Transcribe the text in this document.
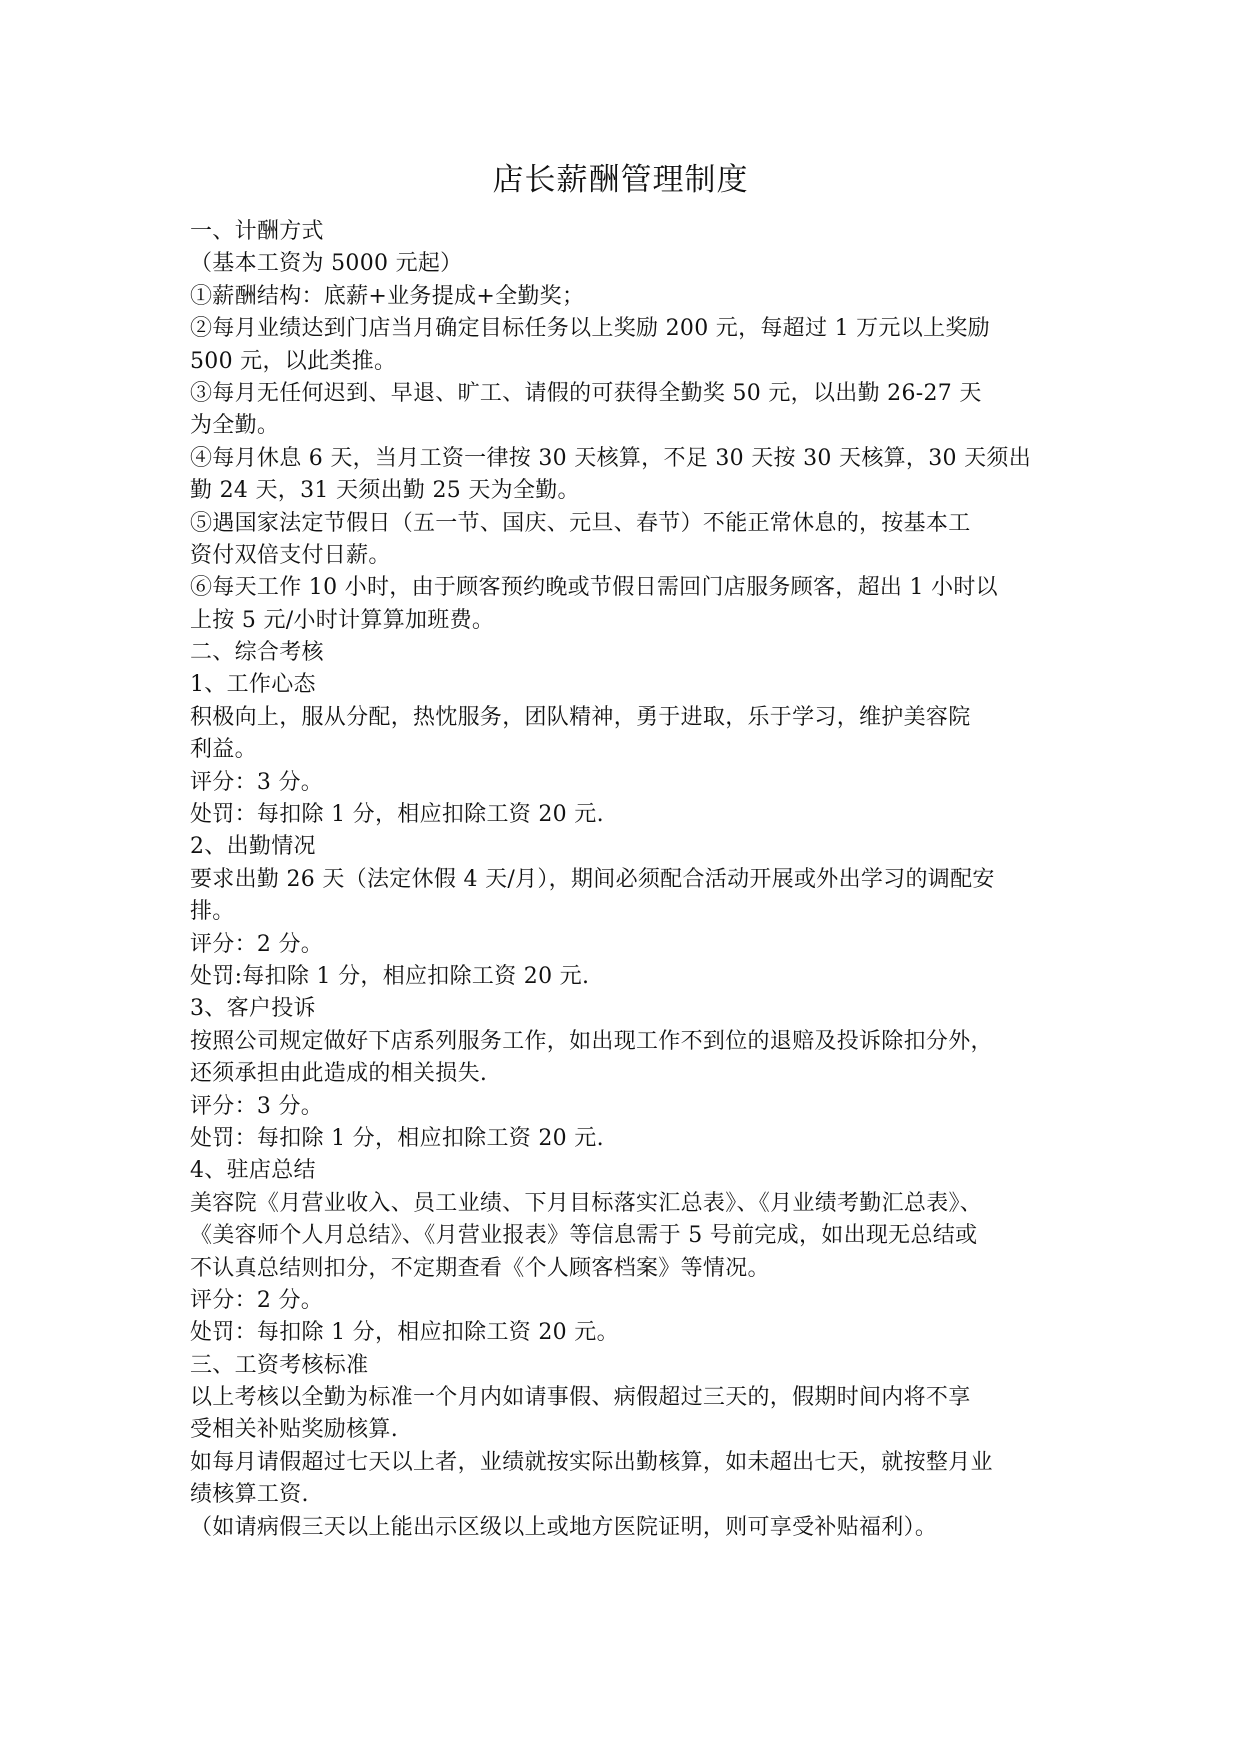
店长薪酬管理制度
一、计酬方式
（基本工资为 5000 元起）
①薪酬结构：底薪+业务提成+全勤奖；
②每月业绩达到门店当月确定目标任务以上奖励 200 元，每超过 1 万元以上奖励
500 元，以此类推。
③每月无任何迟到、早退、旷工、请假的可获得全勤奖 50 元，以出勤 26-27 天
为全勤。
④每月休息 6 天，当月工资一律按 30 天核算，不足 30 天按 30 天核算，30 天须出
勤 24 天，31 天须出勤 25 天为全勤。
⑤遇国家法定节假日（五一节、国庆、元旦、春节）不能正常休息的，按基本工
资付双倍支付日薪。
⑥每天工作 10 小时，由于顾客预约晚或节假日需回门店服务顾客，超出 1 小时以
上按 5 元/小时计算算加班费。
二、综合考核
1、工作心态
积极向上，服从分配，热忱服务，团队精神，勇于进取，乐于学习，维护美容院
利益。
评分：3 分。
处罚：每扣除 1 分，相应扣除工资 20 元.
2、出勤情况
要求出勤 26 天（法定休假 4 天/月），期间必须配合活动开展或外出学习的调配安
排。
评分：2 分。
处罚:每扣除 1 分，相应扣除工资 20 元.
3、客户投诉
按照公司规定做好下店系列服务工作，如出现工作不到位的退赔及投诉除扣分外，
还须承担由此造成的相关损失.
评分：3 分。
处罚：每扣除 1 分，相应扣除工资 20 元.
4、驻店总结
美容院《月营业收入、员工业绩、下月目标落实汇总表》、《月业绩考勤汇总表》、
《美容师个人月总结》、《月营业报表》等信息需于 5 号前完成，如出现无总结或
不认真总结则扣分，不定期查看《个人顾客档案》等情况。
评分：2 分。
处罚：每扣除 1 分，相应扣除工资 20 元。
三、工资考核标准
以上考核以全勤为标准一个月内如请事假、病假超过三天的，假期时间内将不享
受相关补贴奖励核算.
如每月请假超过七天以上者，业绩就按实际出勤核算，如未超出七天，就按整月业
绩核算工资.
（如请病假三天以上能出示区级以上或地方医院证明，则可享受补贴福利）。
